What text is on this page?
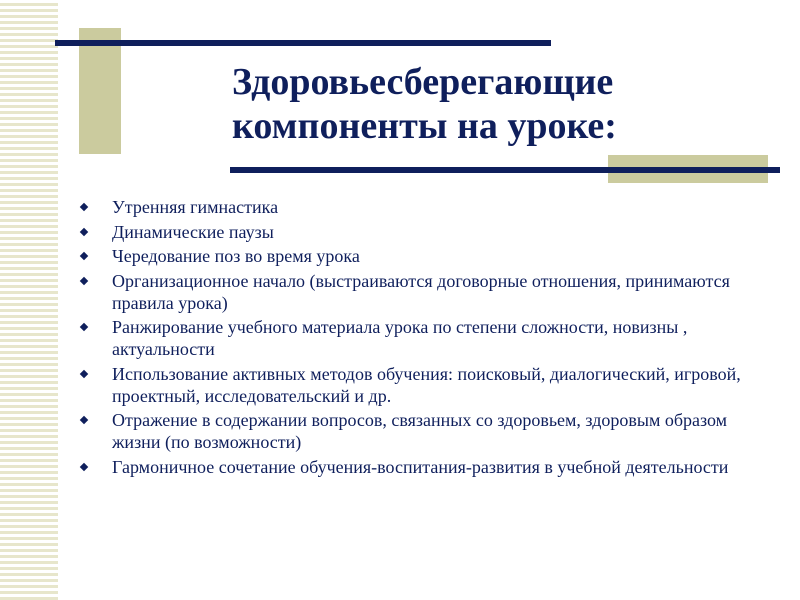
Здоровьесберегающие
компоненты на уроке:
Утренняя гимнастика
Динамические паузы
Чередование поз во время урока
Организационное начало (выстраиваются договорные отношения, принимаются правила урока)
Ранжирование учебного материала урока по степени сложности, новизны , актуальности
Использование активных методов обучения: поисковый, диалогический, игровой, проектный, исследовательский и др.
Отражение в содержании вопросов, связанных со здоровьем, здоровым образом жизни (по возможности)
Гармоничное сочетание обучения-воспитания-развития в учебной деятельности
